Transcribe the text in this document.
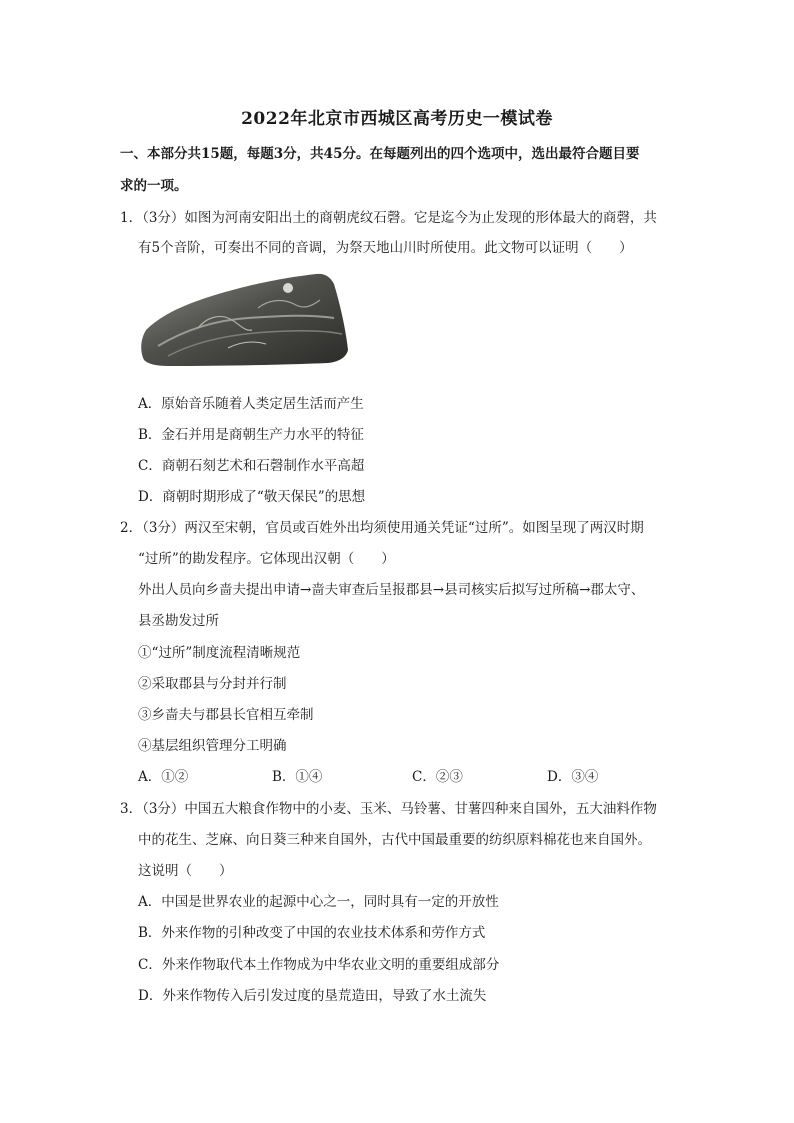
2022年北京市西城区高考历史一模试卷
一、本部分共15题，每题3分，共45分。在每题列出的四个选项中，选出最符合题目要
求的一项。
1．（3分）如图为河南安阳出土的商朝虎纹石磬。它是迄今为止发现的形体最大的商磬，共
有5个音阶，可奏出不同的音调，为祭天地山川时所使用。此文物可以证明（　　）
A．原始音乐随着人类定居生活而产生
B．金石并用是商朝生产力水平的特征
C．商朝石刻艺术和石磬制作水平高超
D．商朝时期形成了“敬天保民”的思想
2．（3分）两汉至宋朝，官员或百姓外出均须使用通关凭证“过所”。如图呈现了两汉时期
“过所”的勘发程序。它体现出汉朝（　　）
外出人员向乡啬夫提出申请→啬夫审查后呈报郡县→县司核实后拟写过所稿→郡太守、
县丞勘发过所
①“过所”制度流程清晰规范
②采取郡县与分封并行制
③乡啬夫与郡县长官相互牵制
④基层组织管理分工明确
A．①②	B．①④	C．②③	D．③④
3．（3分）中国五大粮食作物中的小麦、玉米、马铃薯、甘薯四种来自国外，五大油料作物
中的花生、芝麻、向日葵三种来自国外，古代中国最重要的纺织原料棉花也来自国外。
这说明（　　）
A．中国是世界农业的起源中心之一，同时具有一定的开放性
B．外来作物的引种改变了中国的农业技术体系和劳作方式
C．外来作物取代本土作物成为中华农业文明的重要组成部分
D．外来作物传入后引发过度的垦荒造田，导致了水土流失
